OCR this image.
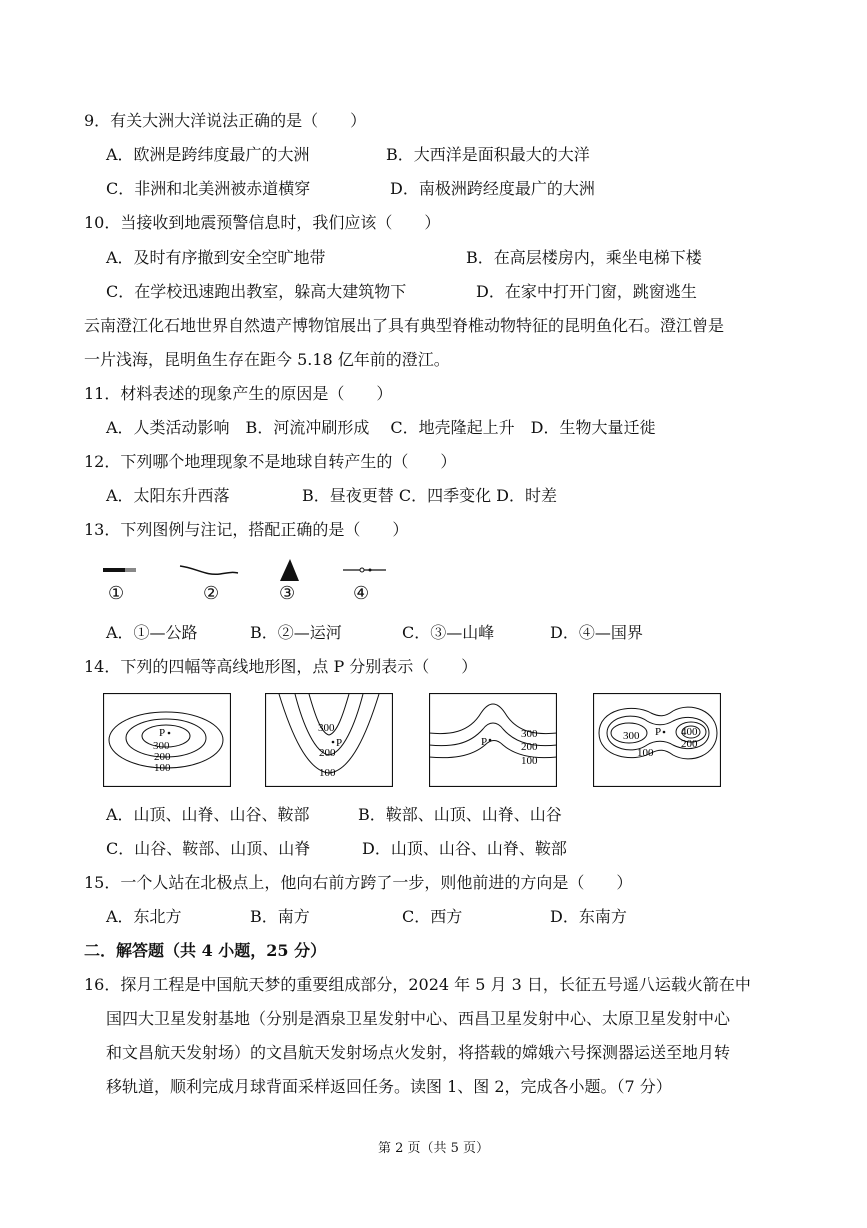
9．有关大洲大洋说法正确的是（　　）
A．欧洲是跨纬度最广的大洲	B．大西洋是面积最大的大洋
C．非洲和北美洲被赤道横穿	D．南极洲跨经度最广的大洲
10．当接收到地震预警信息时，我们应该（　　）
A．及时有序撤到安全空旷地带	B．在高层楼房内，乘坐电梯下楼
C．在学校迅速跑出教室，躲高大建筑物下	D．在家中打开门窗，跳窗逃生
云南澄江化石地世界自然遗产博物馆展出了具有典型脊椎动物特征的昆明鱼化石。澄江曾是
一片浅海，昆明鱼生存在距今 5.18 亿年前的澄江。
11．材料表述的现象产生的原因是（　　）
A．人类活动影响　B．河流冲刷形成　 C．地壳隆起上升　D．生物大量迁徙
12．下列哪个地理现象不是地球自转产生的（　　）
A．太阳东升西落	B．昼夜更替 C．四季变化 D．时差
13．下列图例与注记，搭配正确的是（　　）
①	②	③	④
A．①—公路	B．②—运河	C．③—山峰	D．④—国界
14．下列的四幅等高线地形图，点 P 分别表示（　　）
P
300
200
100
300
P
200
100
P
300
200
100
300 P 400
200
100
A．山顶、山脊、山谷、鞍部	B．鞍部、山顶、山脊、山谷
C．山谷、鞍部、山顶、山脊	D．山顶、山谷、山脊、鞍部
15．一个人站在北极点上，他向右前方跨了一步，则他前进的方向是（　　）
A．东北方	B．南方	C．西方	D．东南方
二．解答题（共 4 小题，25 分）
16．探月工程是中国航天梦的重要组成部分，2024 年 5 月 3 日，长征五号遥八运载火箭在中
国四大卫星发射基地（分别是酒泉卫星发射中心、西昌卫星发射中心、太原卫星发射中心
和文昌航天发射场）的文昌航天发射场点火发射，将搭载的嫦娥六号探测器运送至地月转
移轨道，顺利完成月球背面采样返回任务。读图 1、图 2，完成各小题。（7 分）
第 2 页（共 5 页）
